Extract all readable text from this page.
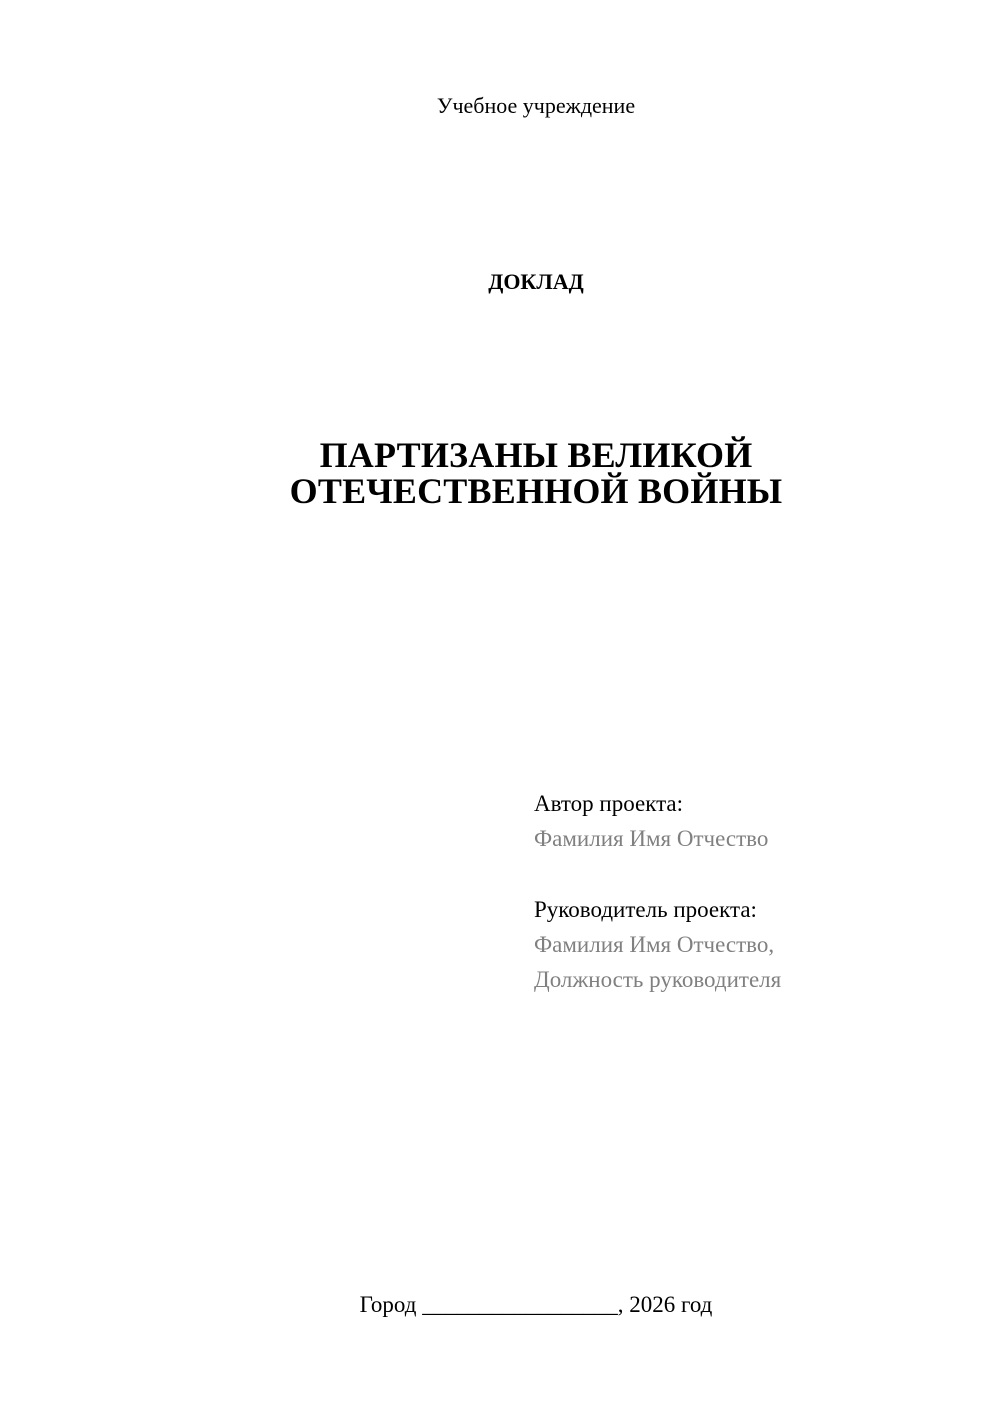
Учебное учреждение
ДОКЛАД
ПАРТИЗАНЫ ВЕЛИКОЙ
ОТЕЧЕСТВЕННОЙ ВОЙНЫ
Автор проекта:
Фамилия Имя Отчество
Руководитель проекта:
Фамилия Имя Отчество,
Должность руководителя
Город _________________, 2026 год
